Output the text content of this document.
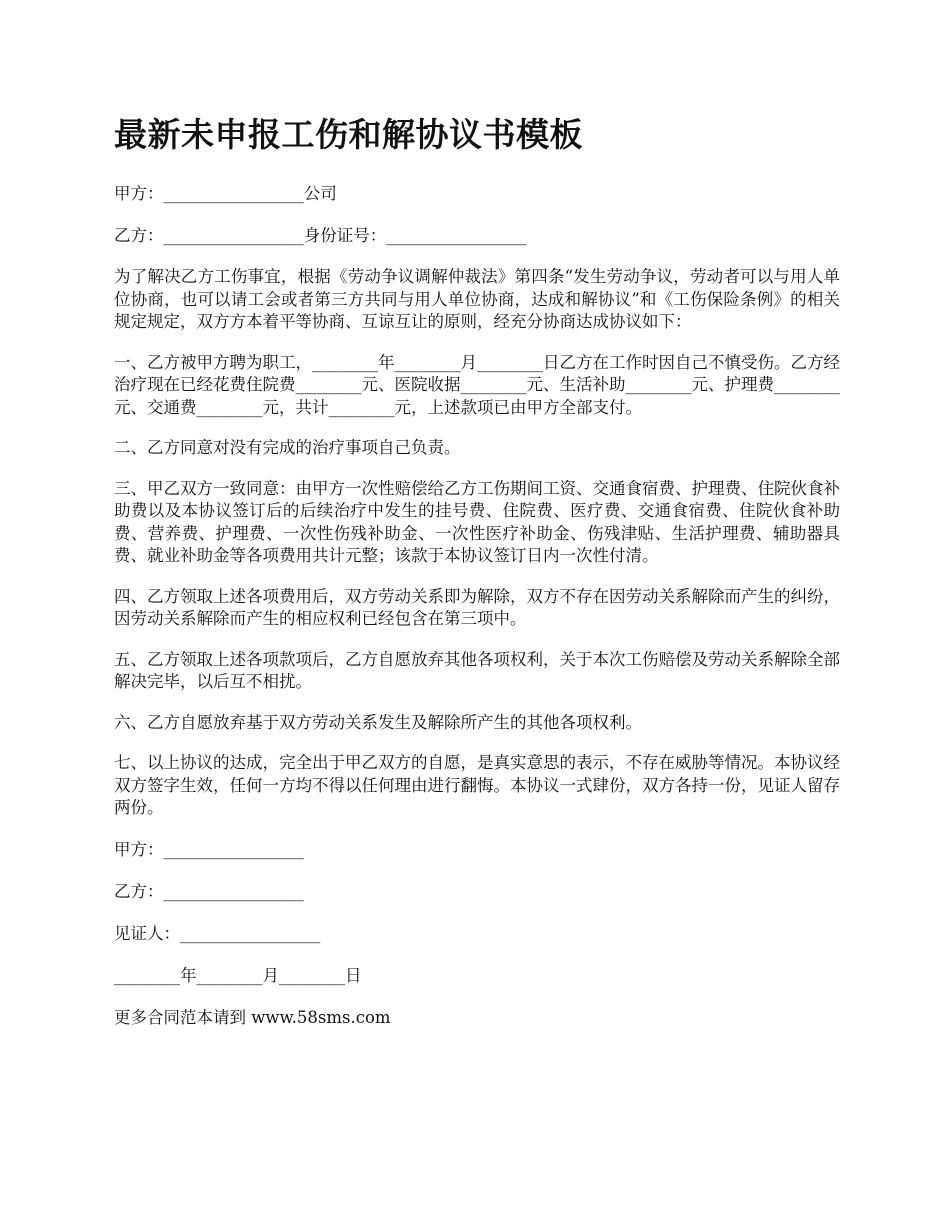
最新未申报工伤和解协议书模板

甲方：_________________公司

乙方：_________________身份证号：_________________

为了解决乙方工伤事宜，根据《劳动争议调解仲裁法》第四条“发生劳动争议，劳动者可以与用人单位协商，也可以请工会或者第三方共同与用人单位协商，达成和解协议”和《工伤保险条例》的相关规定规定，双方方本着平等协商、互谅互让的原则，经充分协商达成协议如下：

一、乙方被甲方聘为职工，________年________月________日乙方在工作时因自己不慎受伤。乙方经治疗现在已经花费住院费________元、医院收据________元、生活补助________元、护理费________元、交通费________元，共计________元，上述款项已由甲方全部支付。

二、乙方同意对没有完成的治疗事项自己负责。

三、甲乙双方一致同意：由甲方一次性赔偿给乙方工伤期间工资、交通食宿费、护理费、住院伙食补助费以及本协议签订后的后续治疗中发生的挂号费、住院费、医疗费、交通食宿费、住院伙食补助费、营养费、护理费、一次性伤残补助金、一次性医疗补助金、伤残津贴、生活护理费、辅助器具费、就业补助金等各项费用共计元整；该款于本协议签订日内一次性付清。

四、乙方领取上述各项费用后，双方劳动关系即为解除，双方不存在因劳动关系解除而产生的纠纷，因劳动关系解除而产生的相应权利已经包含在第三项中。

五、乙方领取上述各项款项后，乙方自愿放弃其他各项权利，关于本次工伤赔偿及劳动关系解除全部解决完毕，以后互不相扰。

六、乙方自愿放弃基于双方劳动关系发生及解除所产生的其他各项权利。

七、以上协议的达成，完全出于甲乙双方的自愿，是真实意思的表示，不存在威胁等情况。本协议经双方签字生效，任何一方均不得以任何理由进行翻悔。本协议一式肆份，双方各持一份，见证人留存两份。

甲方：_________________

乙方：_________________

见证人：_________________

________年________月________日

更多合同范本请到 www.58sms.com
